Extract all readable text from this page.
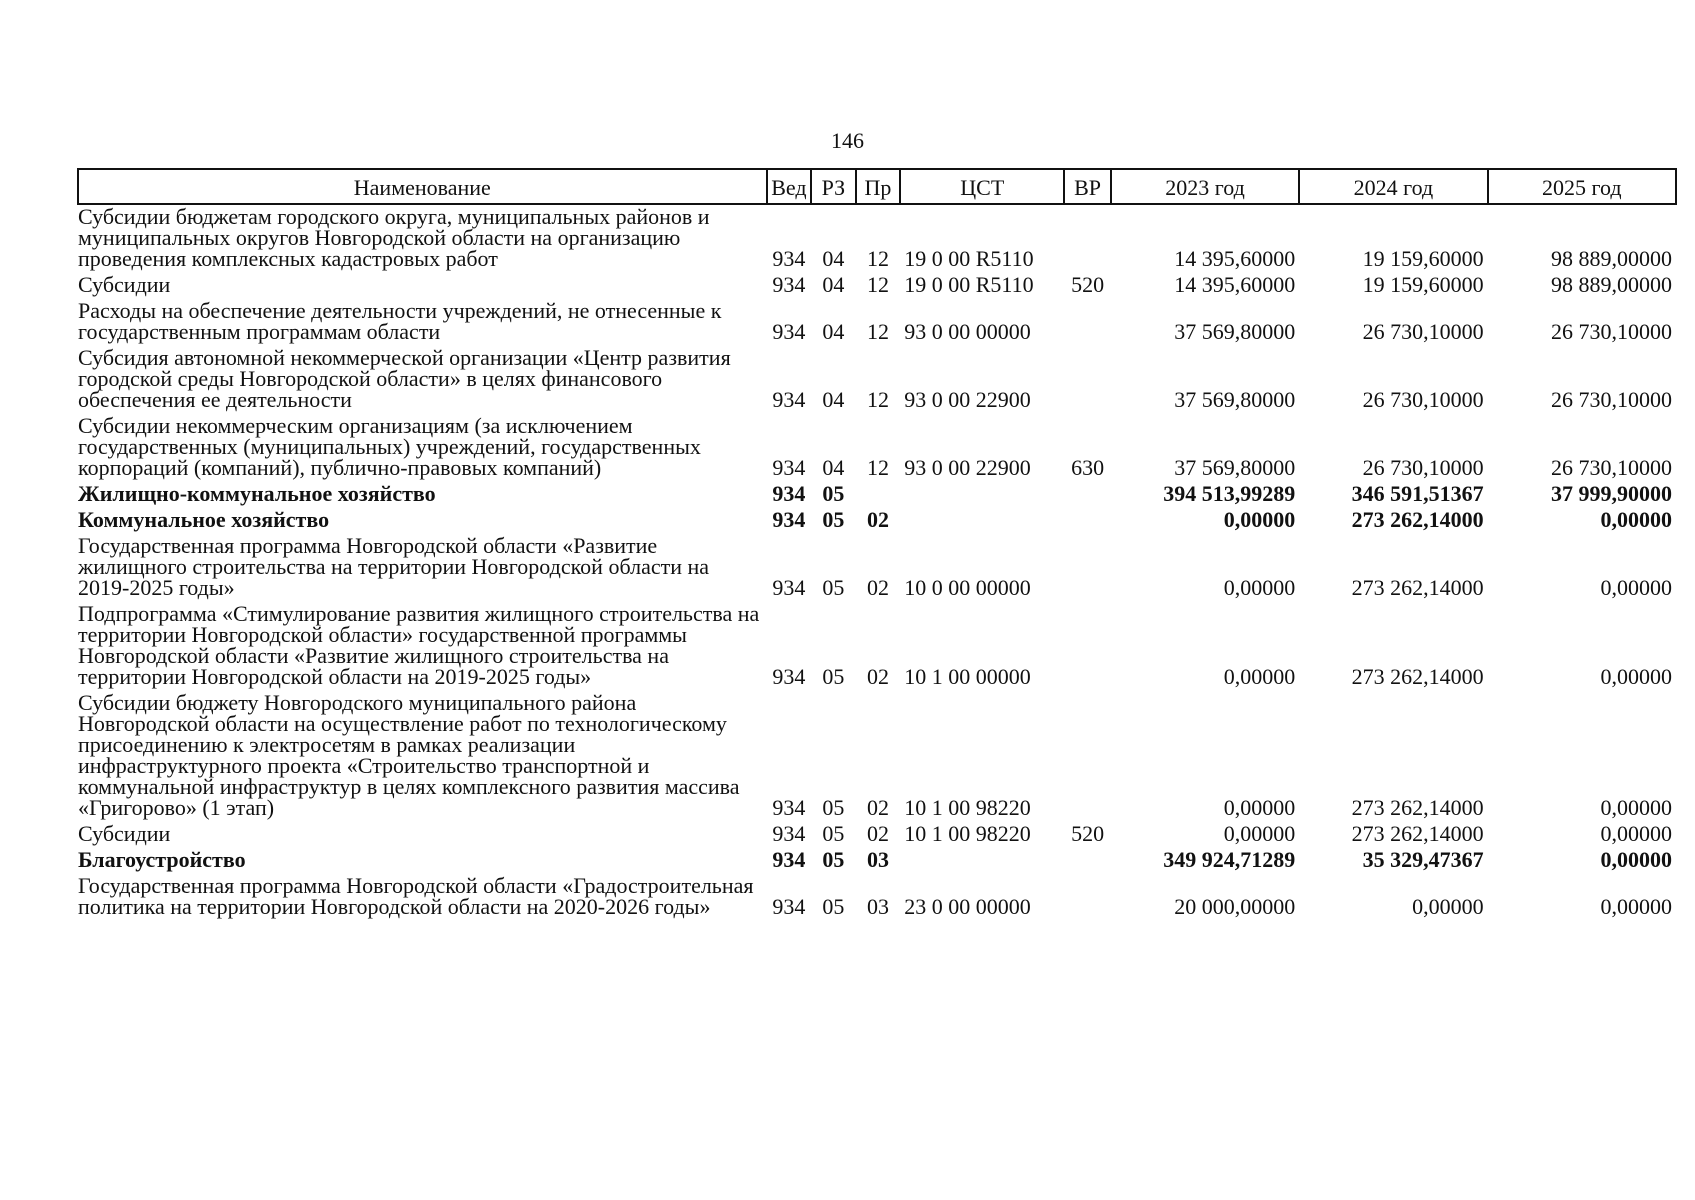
146
Наименование	Вед	РЗ	Пр	ЦСТ	ВР	2023 год	2024 год	2025 год
Субсидии бюджетам городского округа, муниципальных районов и муниципальных округов Новгородской области на организацию проведения комплексных кадастровых работ	934	04	12	19 0 00 R5110		14 395,60000	19 159,60000	98 889,00000
Субсидии	934	04	12	19 0 00 R5110	520	14 395,60000	19 159,60000	98 889,00000
Расходы на обеспечение деятельности учреждений, не отнесенные к государственным программам области	934	04	12	93 0 00 00000		37 569,80000	26 730,10000	26 730,10000
Субсидия автономной некоммерческой организации «Центр развития городской среды Новгородской области» в целях финансового обеспечения ее деятельности	934	04	12	93 0 00 22900		37 569,80000	26 730,10000	26 730,10000
Субсидии некоммерческим организациям (за исключением государственных (муниципальных) учреждений, государственных корпораций (компаний), публично-правовых компаний)	934	04	12	93 0 00 22900	630	37 569,80000	26 730,10000	26 730,10000
Жилищно-коммунальное хозяйство	934	05				394 513,99289	346 591,51367	37 999,90000
Коммунальное хозяйство	934	05	02			0,00000	273 262,14000	0,00000
Государственная программа Новгородской области «Развитие жилищного строительства на территории Новгородской области на 2019-2025 годы»	934	05	02	10 0 00 00000		0,00000	273 262,14000	0,00000
Подпрограмма «Стимулирование развития жилищного строительства на территории Новгородской области» государственной программы Новгородской области «Развитие жилищного строительства на территории Новгородской области на 2019-2025 годы»	934	05	02	10 1 00 00000		0,00000	273 262,14000	0,00000
Субсидии бюджету Новгородского муниципального района Новгородской области на осуществление работ по технологическому присоединению к электросетям в рамках реализации инфраструктурного проекта «Строительство транспортной и коммунальной инфраструктур в целях комплексного развития массива «Григорово» (1 этап)	934	05	02	10 1 00 98220		0,00000	273 262,14000	0,00000
Субсидии	934	05	02	10 1 00 98220	520	0,00000	273 262,14000	0,00000
Благоустройство	934	05	03			349 924,71289	35 329,47367	0,00000
Государственная программа Новгородской области «Градостроительная политика на территории Новгородской области на 2020-2026 годы»	934	05	03	23 0 00 00000		20 000,00000	0,00000	0,00000
